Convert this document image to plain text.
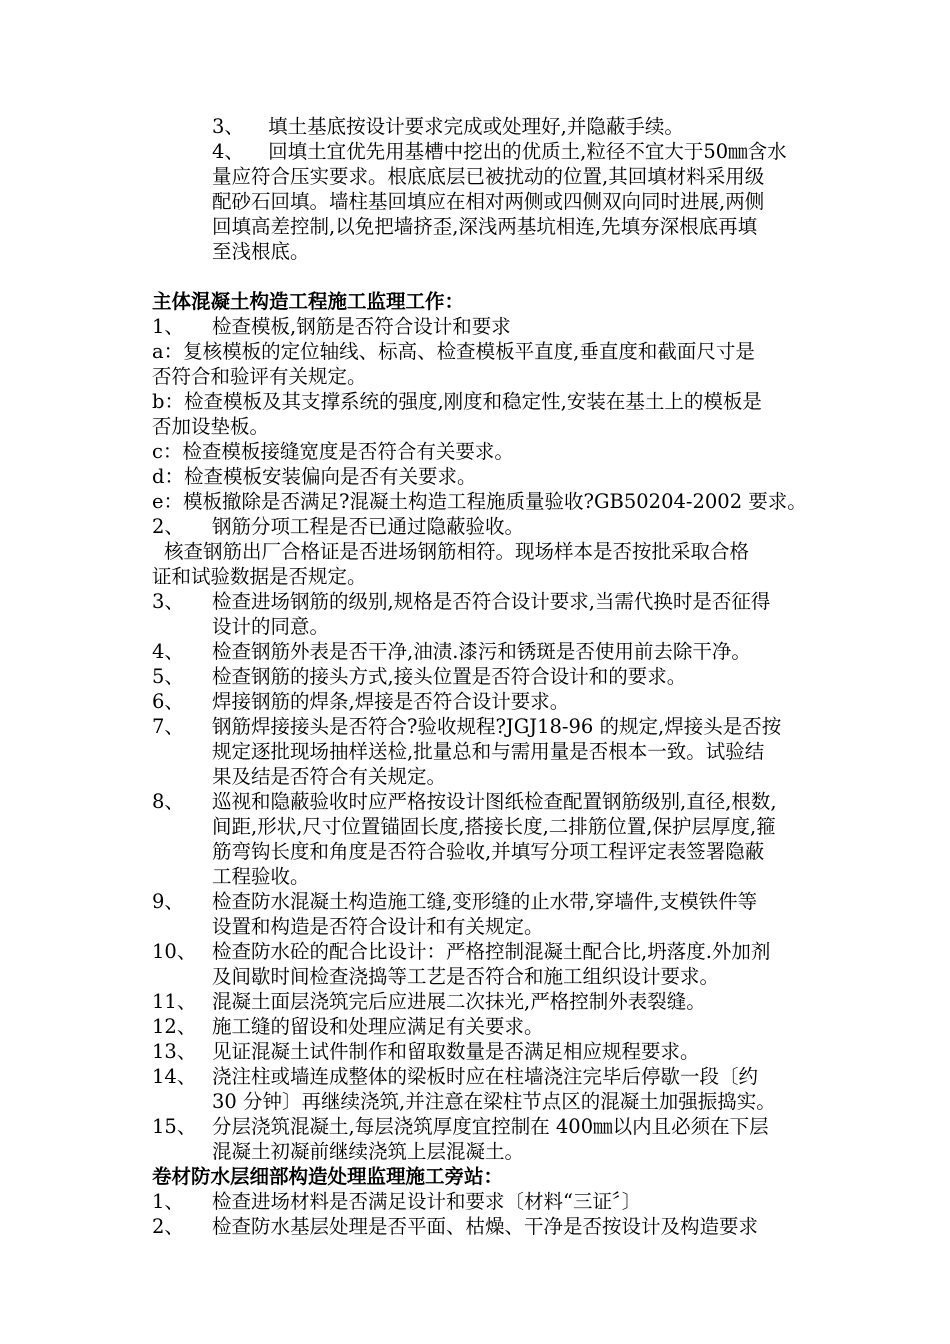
3、 填土基底按设计要求完成或处理好,并隐蔽手续。
4、 回填土宜优先用基槽中挖出的优质土,粒径不宜大于50㎜含水
量应符合压实要求。根底底层已被扰动的位置,其回填材料采用级
配砂石回填。墙柱基回填应在相对两侧或四侧双向同时进展,两侧
回填高差控制,以免把墙挤歪,深浅两基坑相连,先填夯深根底再填
至浅根底。
主体混凝土构造工程施工监理工作：
1、 检查模板,钢筋是否符合设计和要求
a：复核模板的定位轴线、标高、检查模板平直度,垂直度和截面尺寸是
否符合和验评有关规定。
b：检查模板及其支撑系统的强度,刚度和稳定性,安装在基土上的模板是
否加设垫板。
c：检查模板接缝宽度是否符合有关要求。
d：检查模板安装偏向是否有关要求。
e：模板撤除是否满足?混凝土构造工程施质量验收?GB50204-2002 要求。
2、 钢筋分项工程是否已通过隐蔽验收。
核查钢筋出厂合格证是否进场钢筋相符。现场样本是否按批采取合格
证和试验数据是否规定。
3、 检查进场钢筋的级别,规格是否符合设计要求,当需代换时是否征得
设计的同意。
4、 检查钢筋外表是否干净,油渍.漆污和锈斑是否使用前去除干净。
5、 检查钢筋的接头方式,接头位置是否符合设计和的要求。
6、 焊接钢筋的焊条,焊接是否符合设计要求。
7、 钢筋焊接接头是否符合?验收规程?JGJ18-96 的规定,焊接头是否按
规定逐批现场抽样送检,批量总和与需用量是否根本一致。试验结
果及结是否符合有关规定。
8、 巡视和隐蔽验收时应严格按设计图纸检查配置钢筋级别,直径,根数,
间距,形状,尺寸位置锚固长度,搭接长度,二排筋位置,保护层厚度,箍
筋弯钩长度和角度是否符合验收,并填写分项工程评定表签署隐蔽
工程验收。
9、 检查防水混凝土构造施工缝,变形缝的止水带,穿墙件,支模铁件等
设置和构造是否符合设计和有关规定。
10、 检查防水砼的配合比设计：严格控制混凝土配合比,坍落度.外加剂
及间歇时间检查浇捣等工艺是否符合和施工组织设计要求。
11、 混凝土面层浇筑完后应进展二次抹光,严格控制外表裂缝。
12、 施工缝的留设和处理应满足有关要求。
13、 见证混凝土试件制作和留取数量是否满足相应规程要求。
14、 浇注柱或墙连成整体的梁板时应在柱墙浇注完毕后停歇一段〔约
30 分钟〕再继续浇筑,并注意在梁柱节点区的混凝土加强振捣实。
15、 分层浇筑混凝土,每层浇筑厚度宜控制在 400㎜以内且必须在下层
混凝土初凝前继续浇筑上层混凝土。
卷材防水层细部构造处理监理施工旁站：
1、 检查进场材料是否满足设计和要求〔材料“三证〞〕
2、 检查防水基层处理是否平面、枯燥、干净是否按设计及构造要求
